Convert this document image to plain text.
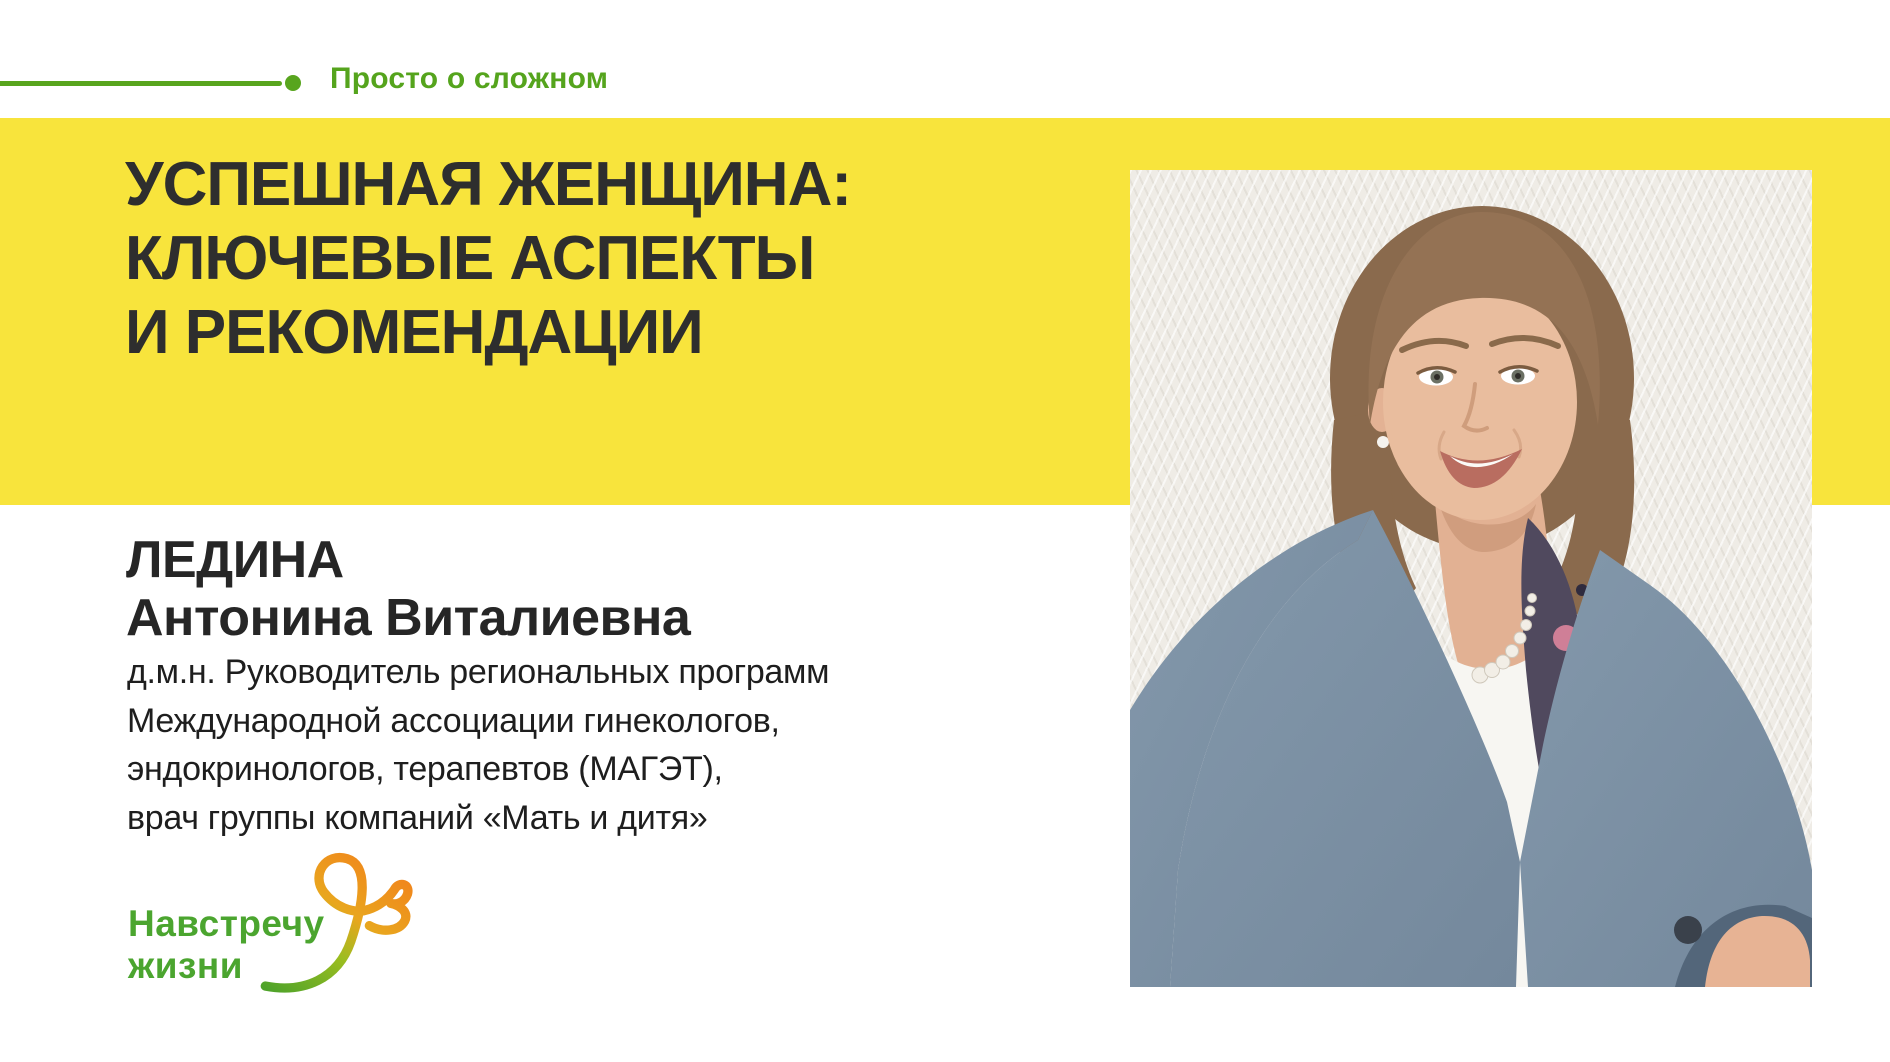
Просто о сложном
УСПЕШНАЯ ЖЕНЩИНА:
КЛЮЧЕВЫЕ АСПЕКТЫ
И РЕКОМЕНДАЦИИ
ЛЕДИНА
Антонина Виталиевна
д.м.н. Руководитель региональных программ
Международной ассоциации гинекологов,
эндокринологов, терапевтов (МАГЭТ),
врач группы компаний «Мать и дитя»
Навстречу
жизни
